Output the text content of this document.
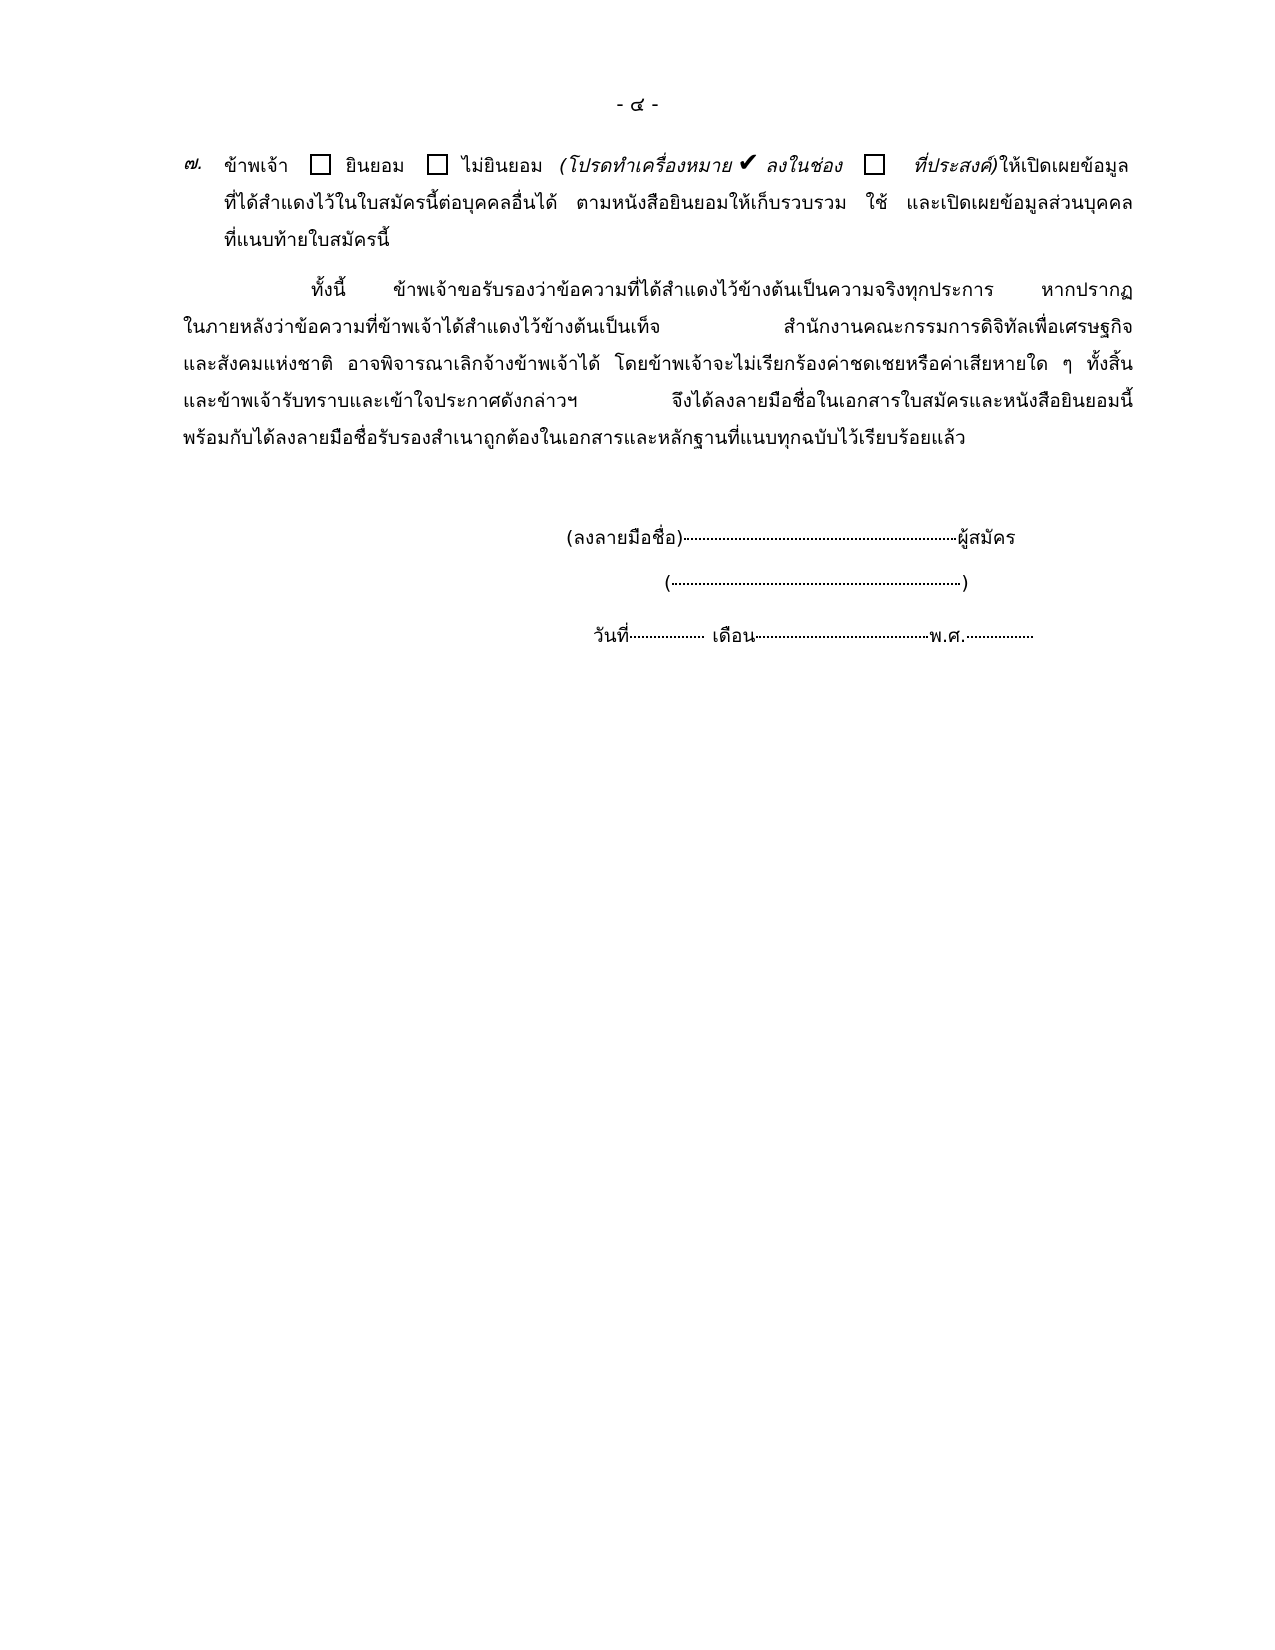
- ๔ -
๗. ข้าพเจ้า	ยินยอม	ไม่ยินยอม (โปรดทำเครื่องหมาย ✔ ลงในช่อง	ที่ประสงค์) ให้เปิดเผยข้อมูล
ที่ได้สำแดงไว้ในใบสมัครนี้ต่อบุคคลอื่นได้ ตามหนังสือยินยอมให้เก็บรวบรวม ใช้ และเปิดเผยข้อมูลส่วนบุคคล
ที่แนบท้ายใบสมัครนี้
ทั้งนี้ ข้าพเจ้าขอรับรองว่าข้อความที่ได้สำแดงไว้ข้างต้นเป็นความจริงทุกประการ หากปรากฏ
ในภายหลังว่าข้อความที่ข้าพเจ้าได้สำแดงไว้ข้างต้นเป็นเท็จ สำนักงานคณะกรรมการดิจิทัลเพื่อเศรษฐกิจ
และสังคมแห่งชาติ อาจพิจารณาเลิกจ้างข้าพเจ้าได้ โดยข้าพเจ้าจะไม่เรียกร้องค่าชดเชยหรือค่าเสียหายใด ๆ ทั้งสิ้น
และข้าพเจ้ารับทราบและเข้าใจประกาศดังกล่าวฯ จึงได้ลงลายมือชื่อในเอกสารใบสมัครและหนังสือยินยอมนี้
พร้อมกับได้ลงลายมือชื่อรับรองสำเนาถูกต้องในเอกสารและหลักฐานที่แนบทุกฉบับไว้เรียบร้อยแล้ว
(ลงลายมือชื่อ)	ผู้สมัคร
(	)
วันที่	เดือน	พ.ศ.
